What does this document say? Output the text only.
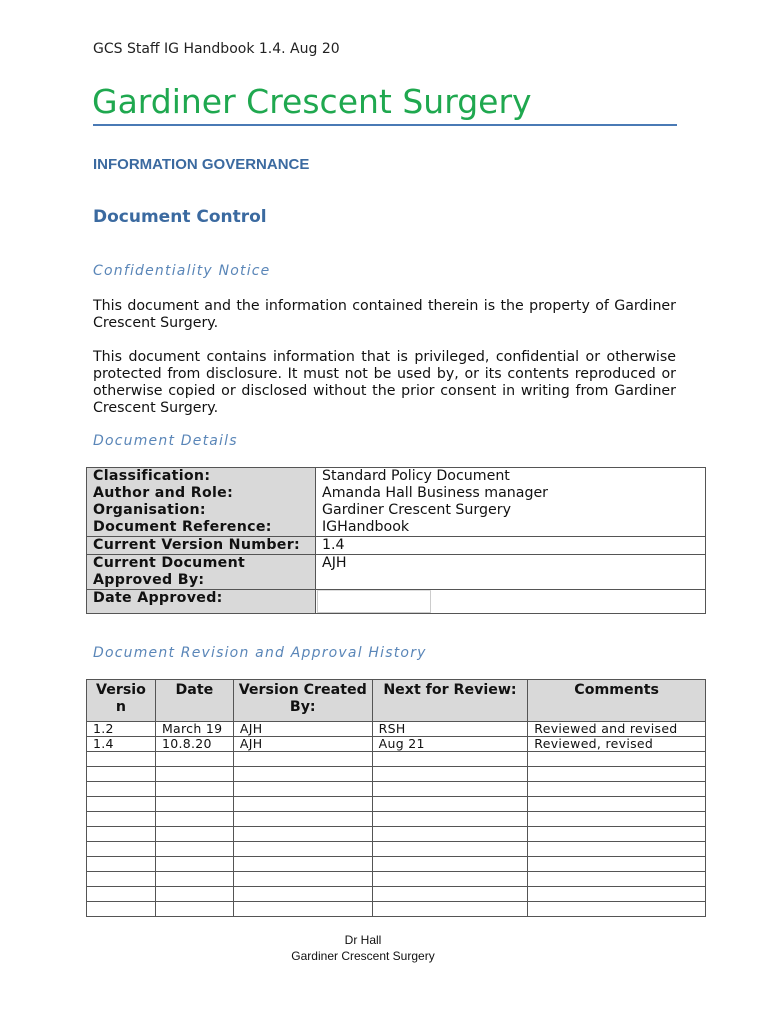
GCS Staff IG Handbook 1.4. Aug 20
Gardiner Crescent Surgery
INFORMATION GOVERNANCE
Document Control
Confidentiality Notice
This document and the information contained therein is the property of Gardiner Crescent Surgery.
This document contains information that is privileged, confidential or otherwise protected from disclosure. It must not be used by, or its contents reproduced or otherwise copied or disclosed without the prior consent in writing from Gardiner Crescent Surgery.
Document Details
Classification:	Standard Policy Document
Author and Role:	Amanda Hall Business manager
Organisation:	Gardiner Crescent Surgery
Document Reference:	IGHandbook
Current Version Number:	1.4
Current Document Approved By:	AJH
Date Approved:	
Document Revision and Approval History
Versio n	Date	Version Created By:	Next for Review:	Comments
1.2	March 19	AJH	RSH	Reviewed and revised
1.4	10.8.20	AJH	Aug 21	Reviewed, revised

Dr Hall
Gardiner Crescent Surgery
